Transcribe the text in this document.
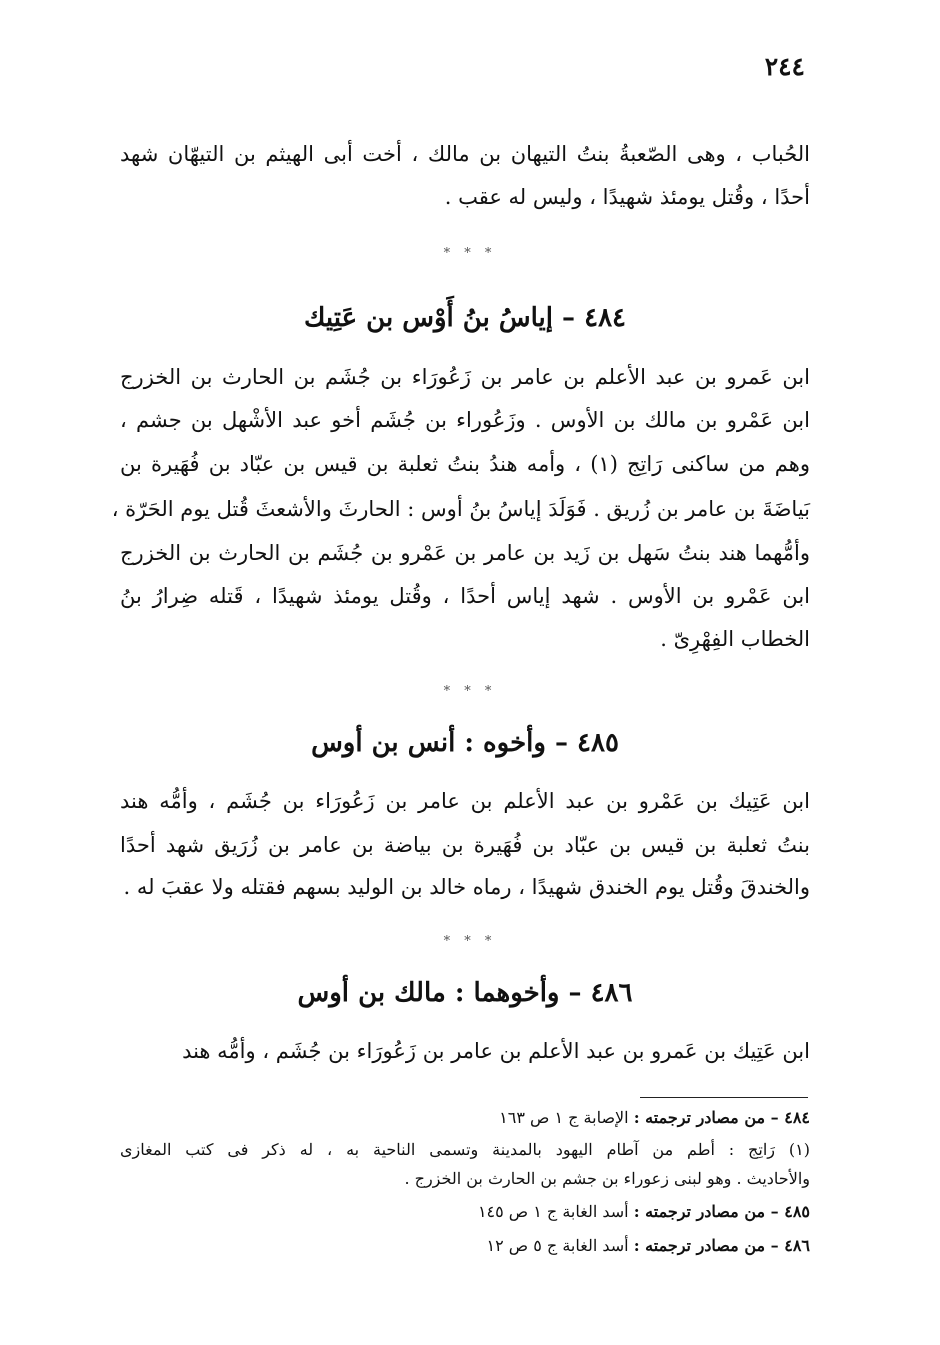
٢٤٤
الحُباب ، وهى الصّعبةُ بنتُ التيهان بن مالك ، أخت أبى الهيثم بن التيهّان شهد
أحدًا ، وقُتل يومئذ شهيدًا ، وليس له عقب .
* * *
٤٨٤ – إياسُ بنُ أَوْس بن عَتِيك
ابن عَمرو بن عبد الأعلم بن عامر بن زَعُورَاء بن جُشَم بن الحارث بن الخزرج
ابن عَمْرو بن مالك بن الأوس . وزَعُوراء بن جُشَم أخو عبد الأشْهل بن جشم ،
وهم من ساكنى رَاتِج (١) ، وأمه هندُ بنتُ ثعلبة بن قيس بن عبّاد بن فُهَيرة بن
بَياضَةَ بن عامر بن زُريق . فَوَلَدَ إياسُ بنُ أوس : الحارثَ والأشعثَ قُتل يوم الحَرّة ،
وأمُّهما هند بنتُ سَهل بن زَيد بن عامر بن عَمْرو بن جُشَم بن الحارث بن الخزرج
ابن عَمْرو بن الأوس . شهد إياس أحدًا ، وقُتل يومئذ شهيدًا ، قَتله ضِرارُ بنُ
الخطاب الفِهْرِىّ .
* * *
٤٨٥ – وأخوه : أنس بن أوس
ابن عَتِيك بن عَمْرو بن عبد الأعلم بن عامر بن زَعُورَاء بن جُشَم ، وأمُّه هند
بنتُ ثعلبة بن قيس بن عبّاد بن فُهَيرة بن بياضة بن عامر بن زُرَيق شهد أحدًا
والخندقَ وقُتل يوم الخندق شهيدًا ، رماه خالد بن الوليد بسهم فقتله ولا عقبَ له .
* * *
٤٨٦ – وأخوهما : مالك بن أوس
ابن عَتِيك بن عَمرو بن عبد الأعلم بن عامر بن زَعُورَاء بن جُشَم ، وأمُّه هند
٤٨٤ – من مصادر ترجمته : الإصابة ج ١ ص ١٦٣
(١) رَاتِج : أطم من آطام اليهود بالمدينة وتسمى الناحية به ، له ذكر فى كتب المغازى
والأحاديث . وهو لبنى زعوراء بن جشم بن الحارث بن الخزرج .
٤٨٥ – من مصادر ترجمته : أسد الغابة ج ١ ص ١٤٥
٤٨٦ – من مصادر ترجمته : أسد الغابة ج ٥ ص ١٢
